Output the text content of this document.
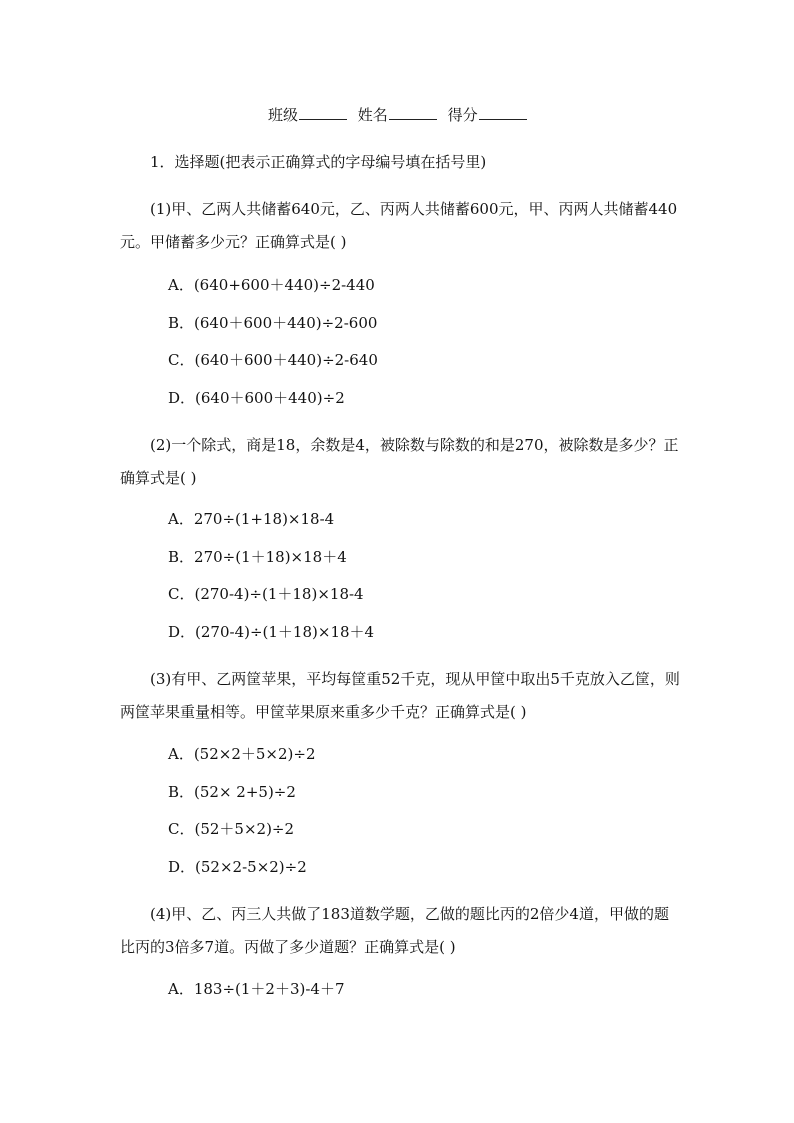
班级	姓名	得分
1．选择题(把表示正确算式的字母编号填在括号里)
(1)甲、乙两人共储蓄640元，乙、丙两人共储蓄600元，甲、丙两人共储蓄440元。甲储蓄多少元？正确算式是( )
A．(640+600＋440)÷2-440
B．(640＋600＋440)÷2-600
C．(640＋600＋440)÷2-640
D．(640＋600＋440)÷2
(2)一个除式，商是18，余数是4，被除数与除数的和是270，被除数是多少？正确算式是( )
A．270÷(1+18)×18-4
B．270÷(1＋18)×18＋4
C．(270-4)÷(1＋18)×18-4
D．(270-4)÷(1＋18)×18＋4
(3)有甲、乙两筐苹果，平均每筐重52千克，现从甲筐中取出5千克放入乙筐，则两筐苹果重量相等。甲筐苹果原来重多少千克？正确算式是( )
A．(52×2＋5×2)÷2
B．(52× 2+5)÷2
C．(52＋5×2)÷2
D．(52×2-5×2)÷2
(4)甲、乙、丙三人共做了183道数学题，乙做的题比丙的2倍少4道，甲做的题比丙的3倍多7道。丙做了多少道题？正确算式是( )
A．183÷(1＋2＋3)-4＋7
